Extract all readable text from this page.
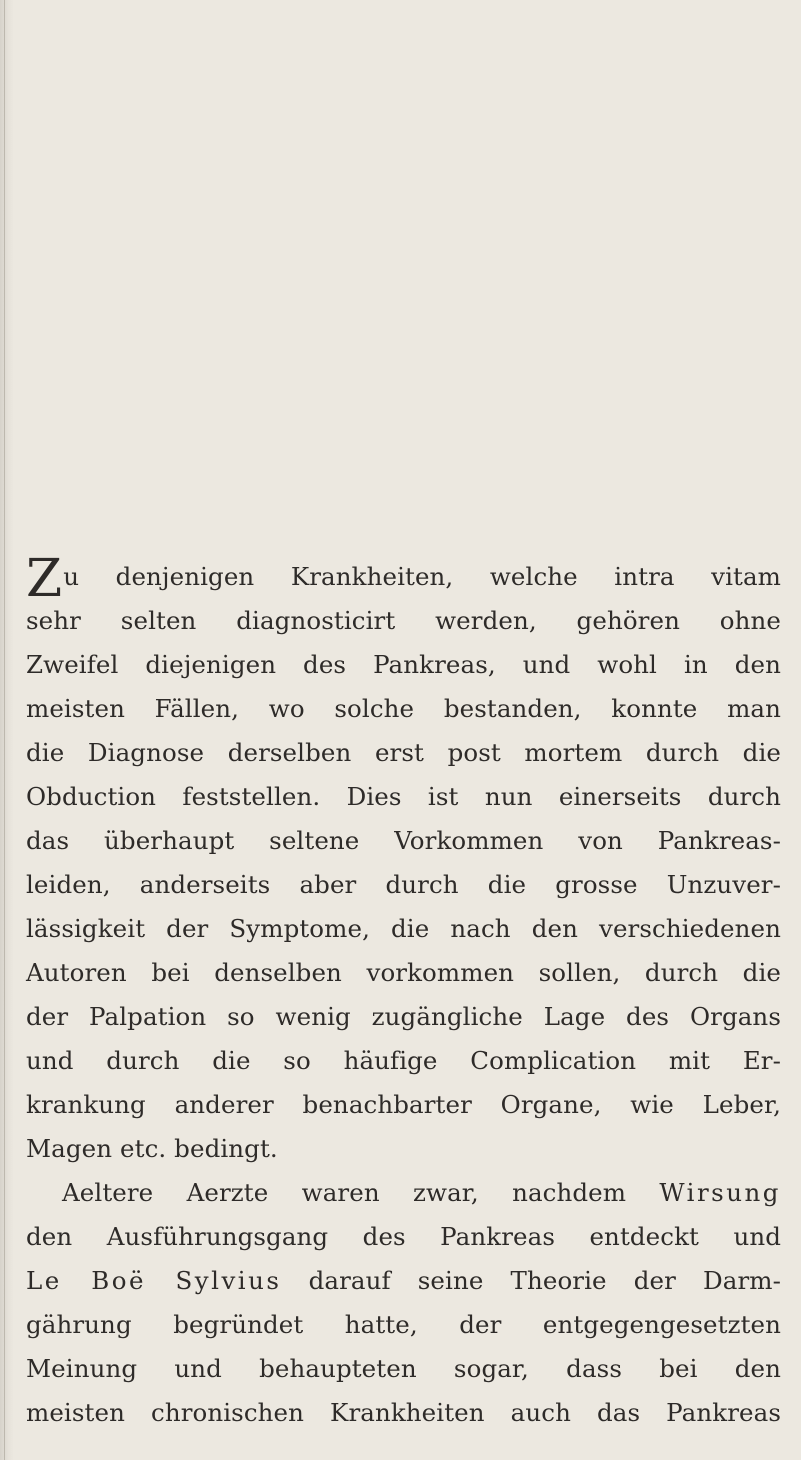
Zu denjenigen Krankheiten, welche intra vitam
sehr selten diagnosticirt werden, gehören ohne
Zweifel diejenigen des Pankreas, und wohl in den
meisten Fällen, wo solche bestanden, konnte man
die Diagnose derselben erst post mortem durch die
Obduction feststellen. Dies ist nun einerseits durch
das überhaupt seltene Vorkommen von Pankreas-
leiden, anderseits aber durch die grosse Unzuver-
lässigkeit der Symptome, die nach den verschiedenen
Autoren bei denselben vorkommen sollen, durch die
der Palpation so wenig zugängliche Lage des Organs
und durch die so häufige Complication mit Er-
krankung anderer benachbarter Organe, wie Leber,
Magen etc. bedingt.
Aeltere Aerzte waren zwar, nachdem Wirsung
den Ausführungsgang des Pankreas entdeckt und
Le Boë Sylvius darauf seine Theorie der Darm-
gährung begründet hatte, der entgegengesetzten
Meinung und behaupteten sogar, dass bei den
meisten chronischen Krankheiten auch das Pankreas
